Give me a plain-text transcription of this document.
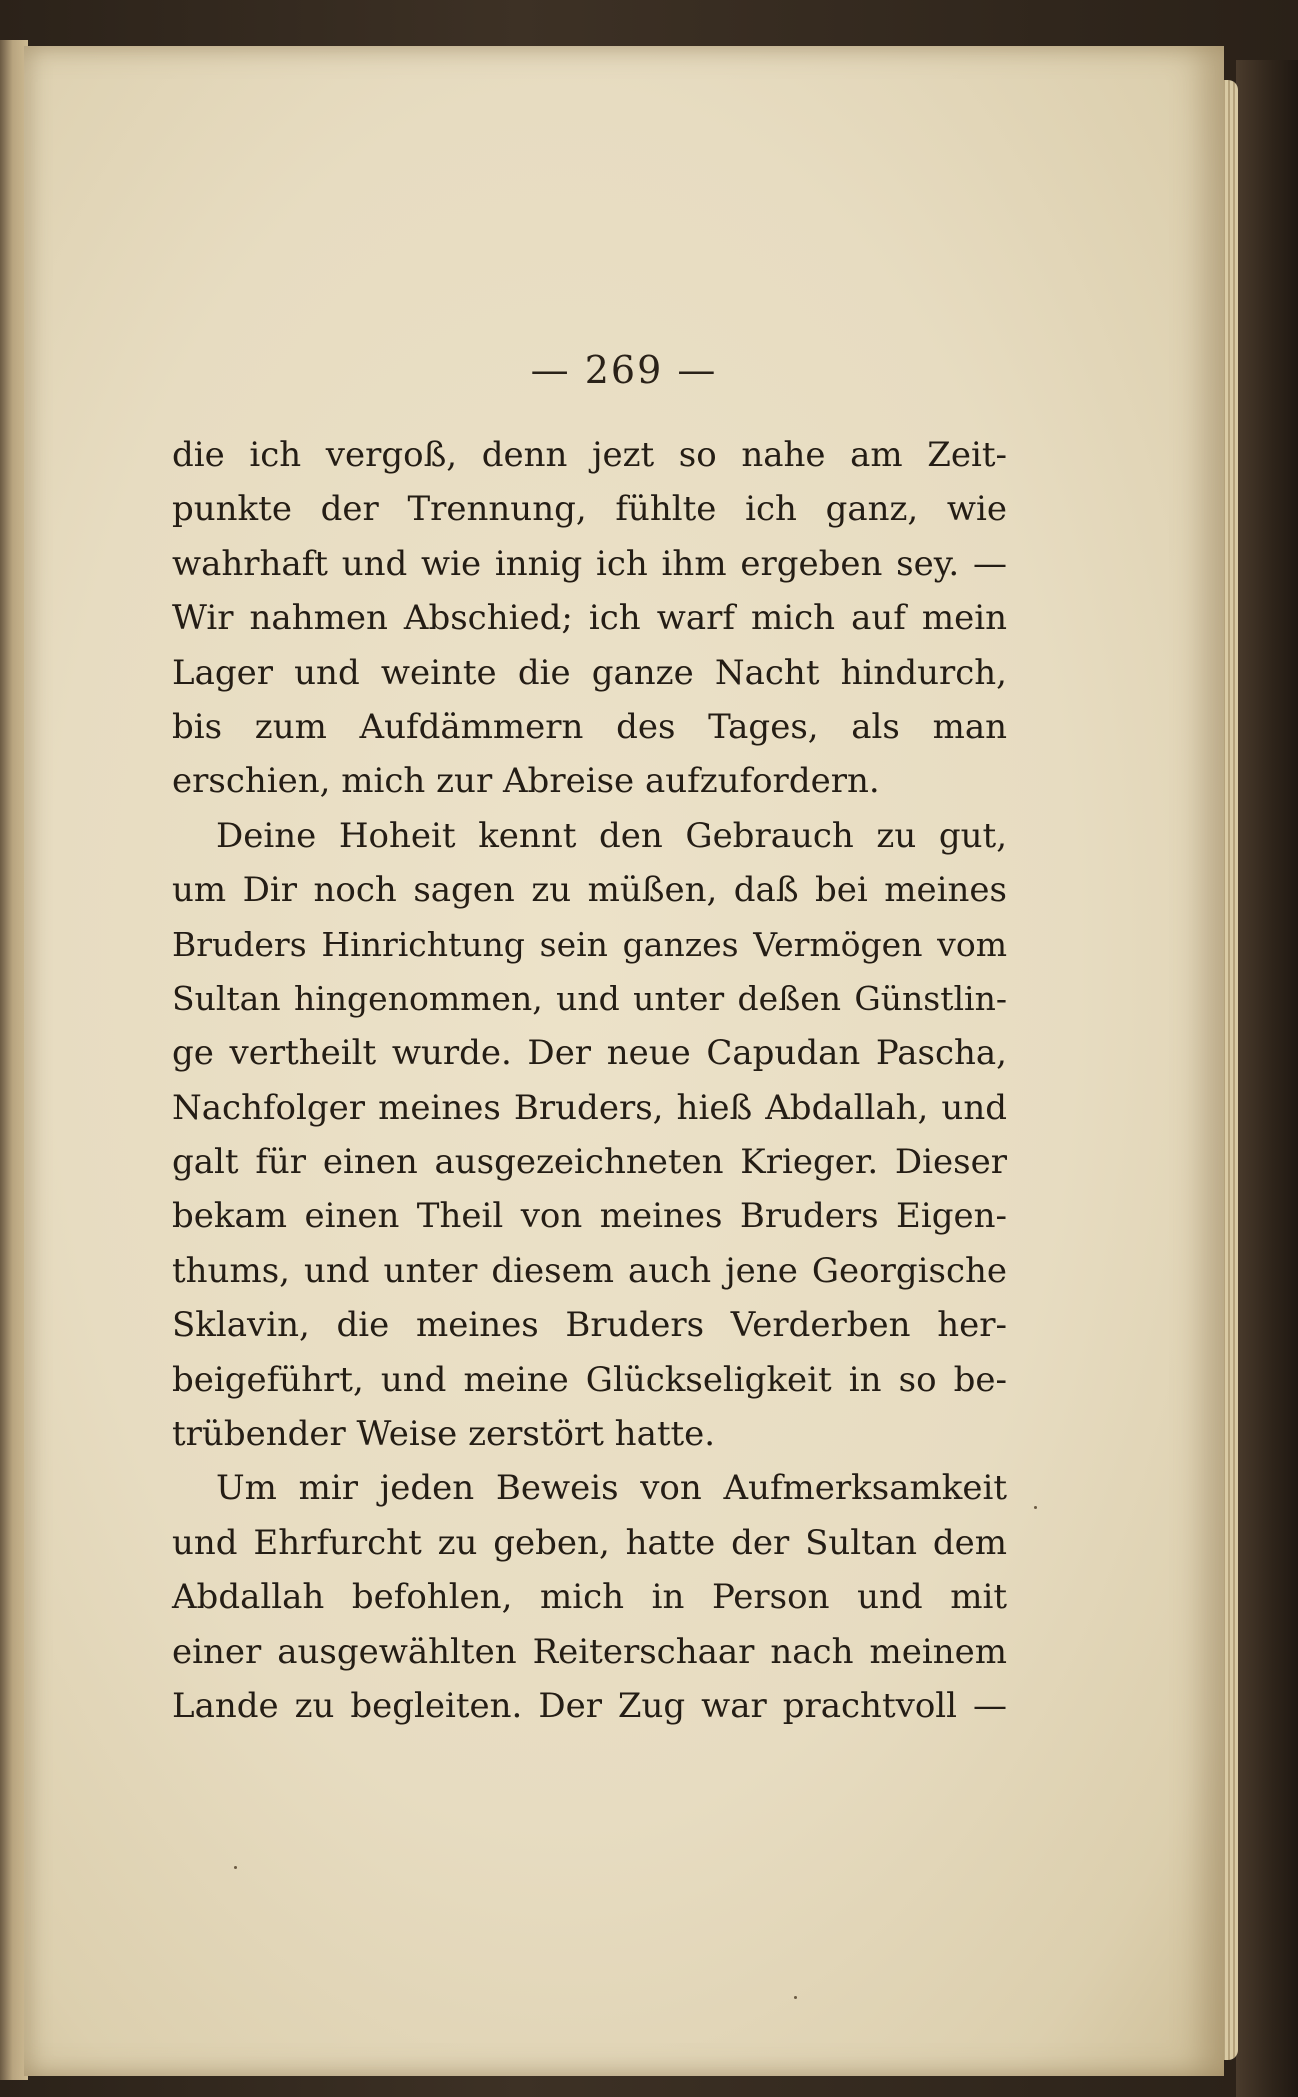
— 269 —
die ich vergoß, denn jezt so nahe am Zeit-
punkte der Trennung, fühlte ich ganz, wie
wahrhaft und wie innig ich ihm ergeben sey. —
Wir nahmen Abschied; ich warf mich auf mein
Lager und weinte die ganze Nacht hindurch,
bis zum Aufdämmern des Tages, als man
erschien, mich zur Abreise aufzufordern.
Deine Hoheit kennt den Gebrauch zu gut,
um Dir noch sagen zu müßen, daß bei meines
Bruders Hinrichtung sein ganzes Vermögen vom
Sultan hingenommen, und unter deßen Günstlin-
ge vertheilt wurde. Der neue Capudan Pascha,
Nachfolger meines Bruders, hieß Abdallah, und
galt für einen ausgezeichneten Krieger. Dieser
bekam einen Theil von meines Bruders Eigen-
thums, und unter diesem auch jene Georgische
Sklavin, die meines Bruders Verderben her-
beigeführt, und meine Glückseligkeit in so be-
trübender Weise zerstört hatte.
Um mir jeden Beweis von Aufmerksamkeit
und Ehrfurcht zu geben, hatte der Sultan dem
Abdallah befohlen, mich in Person und mit
einer ausgewählten Reiterschaar nach meinem
Lande zu begleiten. Der Zug war prachtvoll —
